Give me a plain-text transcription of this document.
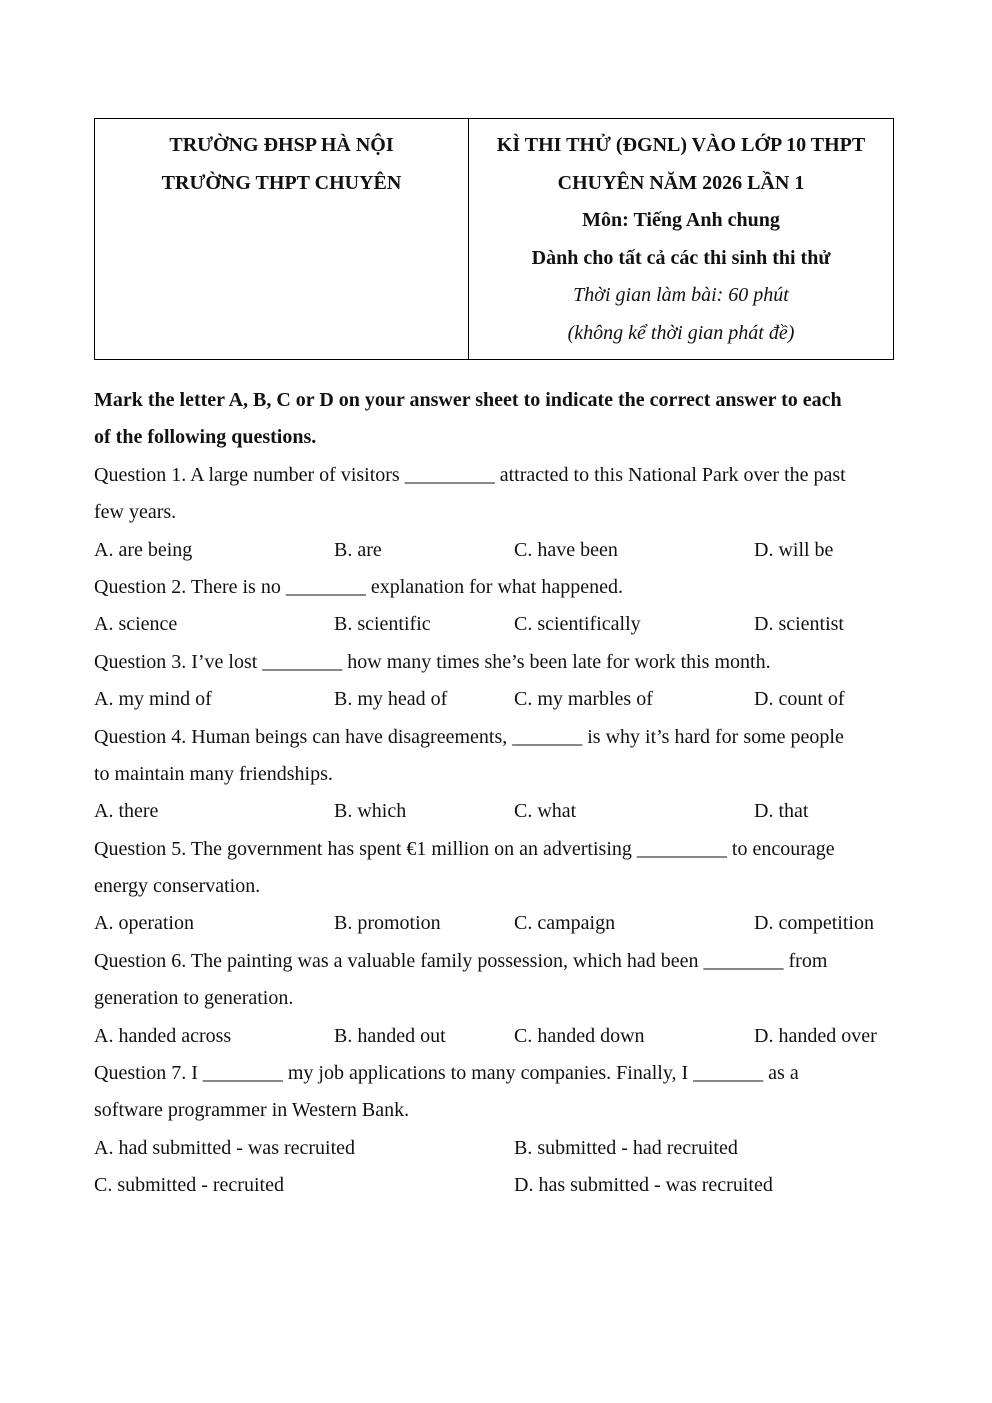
TRƯỜNG ĐHSP HÀ NỘI
TRƯỜNG THPT CHUYÊN
KÌ THI THỬ (ĐGNL) VÀO LỚP 10 THPT
CHUYÊN NĂM 2026 LẦN 1
Môn: Tiếng Anh chung
Dành cho tất cả các thi sinh thi thử
Thời gian làm bài: 60 phút
(không kể thời gian phát đề)
Mark the letter A, B, C or D on your answer sheet to indicate the correct answer to each
of the following questions.
Question 1. A large number of visitors _________ attracted to this National Park over the past
few years.
A. are being	B. are	C. have been	D. will be
Question 2. There is no ________ explanation for what happened.
A. science	B. scientific	C. scientifically	D. scientist
Question 3. I’ve lost ________ how many times she’s been late for work this month.
A. my mind of	B. my head of	C. my marbles of	D. count of
Question 4. Human beings can have disagreements, _______ is why it’s hard for some people
to maintain many friendships.
A. there	B. which	C. what	D. that
Question 5. The government has spent €1 million on an advertising _________ to encourage
energy conservation.
A. operation	B. promotion	C. campaign	D. competition
Question 6. The painting was a valuable family possession, which had been ________ from
generation to generation.
A. handed across	B. handed out	C. handed down	D. handed over
Question 7. I ________ my job applications to many companies. Finally, I _______ as a
software programmer in Western Bank.
A. had submitted - was recruited	B. submitted - had recruited
C. submitted - recruited	D. has submitted - was recruited
